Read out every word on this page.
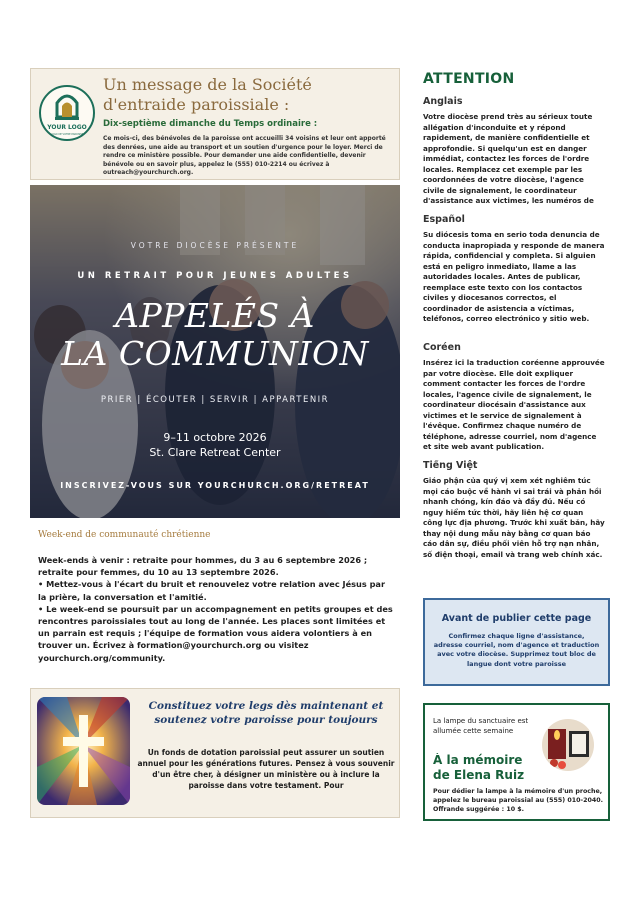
YOUR LOGO
LOGO DE VOTRE PAROISSE
Un message de la Société d'entraide paroissiale :
Dix-septième dimanche du Temps ordinaire :
Ce mois-ci, des bénévoles de la paroisse ont accueilli 34 voisins et leur ont apporté des denrées, une aide au transport et un soutien d'urgence pour le loyer. Merci de rendre ce ministère possible. Pour demander une aide confidentielle, devenir bénévole ou en savoir plus, appelez le (555) 010-2214 ou écrivez à outreach@yourchurch.org.
VOTRE DIOCÈSE PRÉSENTE
UN RETRAIT POUR JEUNES ADULTES
APPELÉS À
LA COMMUNION
PRIER | ÉCOUTER | SERVIR | APPARTENIR
9–11 octobre 2026
St. Clare Retreat Center
INSCRIVEZ-VOUS SUR YOURCHURCH.ORG/RETREAT
Week-end de communauté chrétienne

Week-ends à venir : retraite pour hommes, du 3 au 6 septembre 2026 ; retraite pour femmes, du 10 au 13 septembre 2026.

• Mettez-vous à l'écart du bruit et renouvelez votre relation avec Jésus par la prière, la conversation et l'amitié.

• Le week-end se poursuit par un accompagnement en petits groupes et des rencontres paroissiales tout au long de l'année. Les places sont limitées et un parrain est requis ; l'équipe de formation vous aidera volontiers à en trouver un. Écrivez à formation@yourchurch.org ou visitez yourchurch.org/community.

Constituez votre legs dès maintenant et soutenez votre paroisse pour toujours
Un fonds de dotation paroissial peut assurer un soutien annuel pour les générations futures. Pensez à vous souvenir d'un être cher, à désigner un ministère ou à inclure la paroisse dans votre testament. Pour
ATTENTION
Anglais

Votre diocèse prend très au sérieux toute allégation d'inconduite et y répond rapidement, de manière confidentielle et approfondie. Si quelqu'un est en danger immédiat, contactez les forces de l'ordre locales. Remplacez cet exemple par les coordonnées de votre diocèse, l'agence civile de signalement, le coordinateur d'assistance aux victimes, les numéros de

Español

Su diócesis toma en serio toda denuncia de conducta inapropiada y responde de manera rápida, confidencial y completa. Si alguien está en peligro inmediato, llame a las autoridades locales. Antes de publicar, reemplace este texto con los contactos civiles y diocesanos correctos, el coordinador de asistencia a víctimas, teléfonos, correo electrónico y sitio web.

Coréen

Insérez ici la traduction coréenne approuvée par votre diocèse. Elle doit expliquer comment contacter les forces de l'ordre locales, l'agence civile de signalement, le coordinateur diocésain d'assistance aux victimes et le service de signalement à l'évêque. Confirmez chaque numéro de téléphone, adresse courriel, nom d'agence et site web avant publication.

Tiếng Việt

Giáo phận của quý vị xem xét nghiêm túc mọi cáo buộc về hành vi sai trái và phản hồi nhanh chóng, kín đáo và đầy đủ. Nếu có nguy hiểm tức thời, hãy liên hệ cơ quan công lực địa phương. Trước khi xuất bản, hãy thay nội dung mẫu này bằng cơ quan báo cáo dân sự, điều phối viên hỗ trợ nạn nhân, số điện thoại, email và trang web chính xác.

Avant de publier cette page
Confirmez chaque ligne d'assistance, adresse courriel, nom d'agence et traduction avec votre diocèse. Supprimez tout bloc de langue dont votre paroisse
La lampe du sanctuaire est allumée cette semaine
À la mémoire de Elena Ruiz
Pour dédier la lampe à la mémoire d'un proche, appelez le bureau paroissial au (555) 010-2040. Offrande suggérée : 10 $.
